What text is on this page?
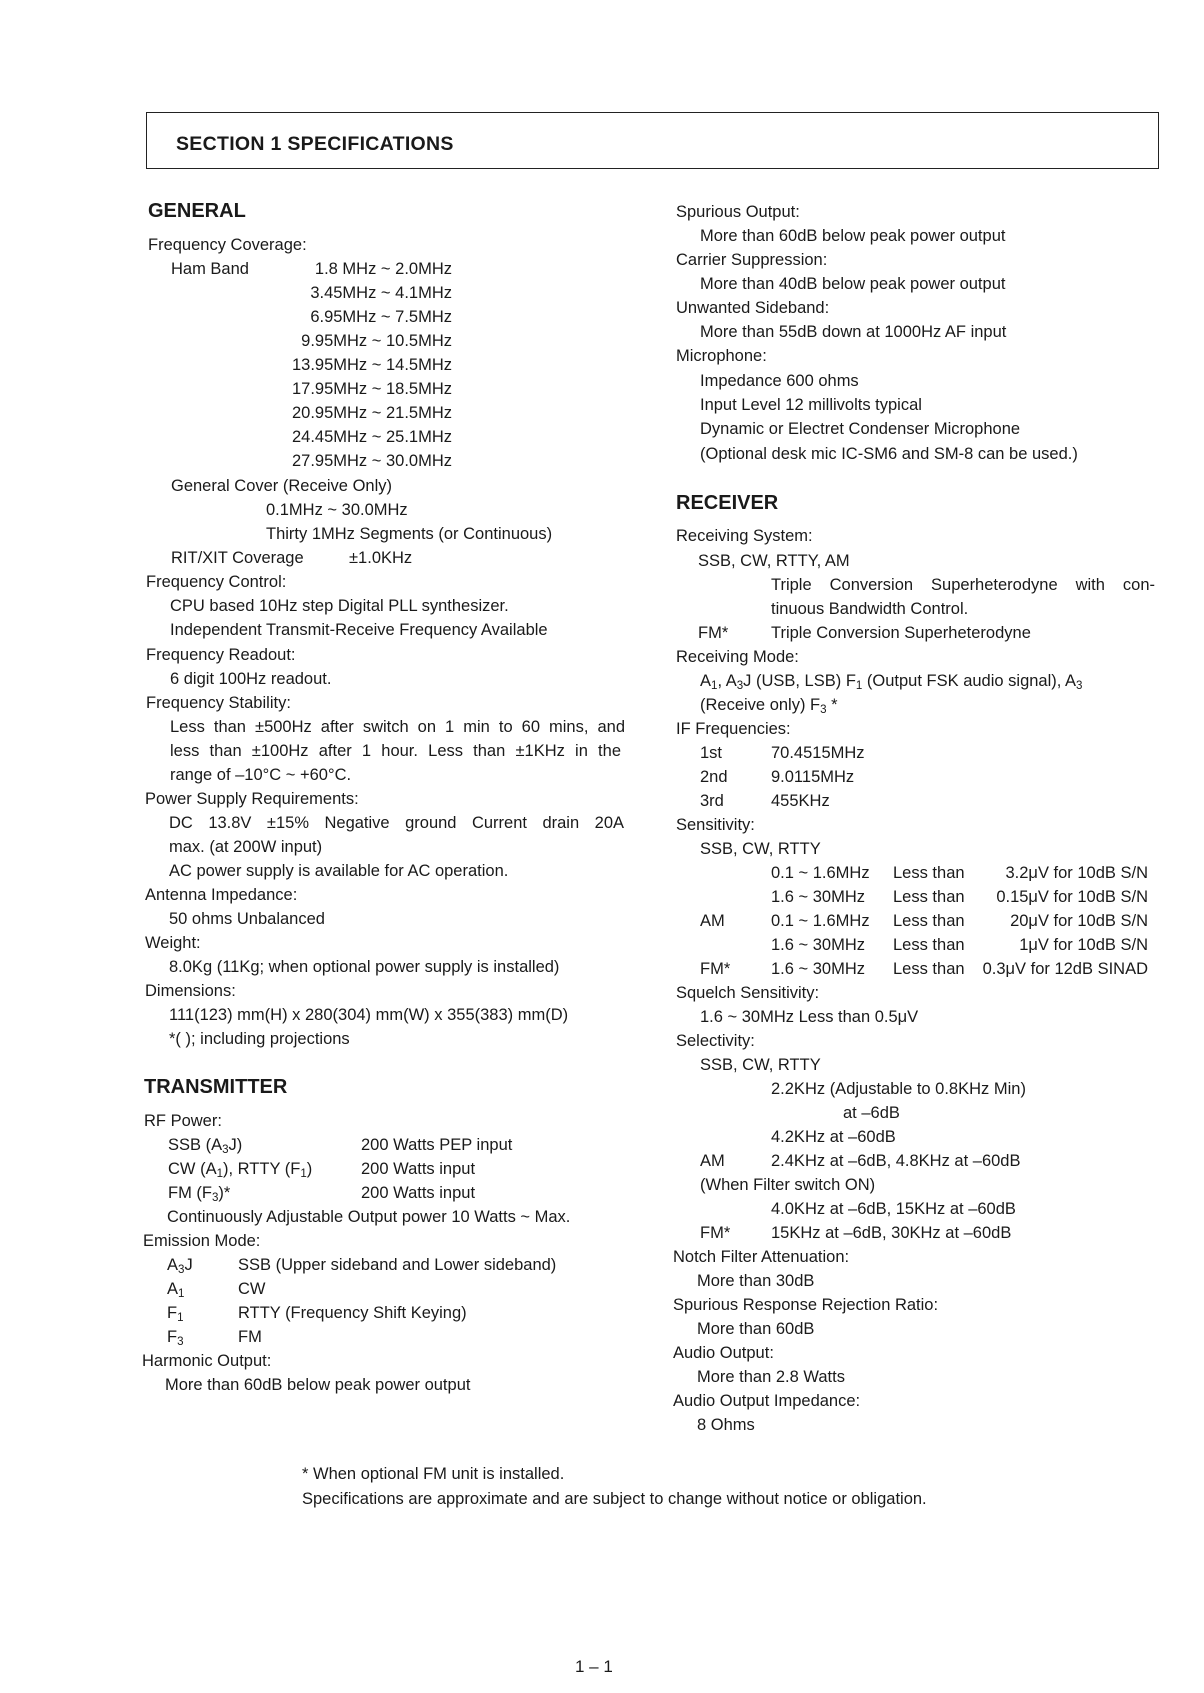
SECTION 1 SPECIFICATIONS
GENERAL
Frequency Coverage:
Ham Band	1.8 MHz ~ 2.0MHz
3.45MHz ~ 4.1MHz
6.95MHz ~ 7.5MHz
9.95MHz ~ 10.5MHz
13.95MHz ~ 14.5MHz
17.95MHz ~ 18.5MHz
20.95MHz ~ 21.5MHz
24.45MHz ~ 25.1MHz
27.95MHz ~ 30.0MHz
General Cover (Receive Only)
0.1MHz ~ 30.0MHz
Thirty 1MHz Segments (or Continuous)
RIT/XIT Coverage	±1.0KHz
Frequency Control:
CPU based 10Hz step Digital PLL synthesizer.
Independent Transmit-Receive Frequency Available
Frequency Readout:
6 digit 100Hz readout.
Frequency Stability:
Less than ±500Hz after switch on 1 min to 60 mins, and
less than ±100Hz after 1 hour. Less than ±1KHz in the
range of –10°C ~ +60°C.
Power Supply Requirements:
DC 13.8V ±15% Negative ground Current drain 20A
max. (at 200W input)
AC power supply is available for AC operation.
Antenna Impedance:
50 ohms Unbalanced
Weight:
8.0Kg (11Kg; when optional power supply is installed)
Dimensions:
111(123) mm(H) x 280(304) mm(W) x 355(383) mm(D)
*( ); including projections
TRANSMITTER
RF Power:
SSB $(A_3J)$	200 Watts PEP input
CW $(A_1)$, RTTY $(F_1)$	200 Watts input
FM $(F_3)*$	200 Watts input
Continuously Adjustable Output power 10 Watts ~ Max.
Emission Mode:
$A_3J$	SSB (Upper sideband and Lower sideband)
$A_1$	CW
$F_1$	RTTY (Frequency Shift Keying)
$F_3$	FM
Harmonic Output:
More than 60dB below peak power output
Spurious Output:
More than 60dB below peak power output
Carrier Suppression:
More than 40dB below peak power output
Unwanted Sideband:
More than 55dB down at 1000Hz AF input
Microphone:
Impedance 600 ohms
Input Level 12 millivolts typical
Dynamic or Electret Condenser Microphone
(Optional desk mic IC-SM6 and SM-8 can be used.)
RECEIVER
Receiving System:
SSB, CW, RTTY, AM
Triple Conversion Superheterodyne with con-
tinuous Bandwidth Control.
FM*	Triple Conversion Superheterodyne
Receiving Mode:
$A_1$, $A_3J$ (USB, LSB) $F_1$ (Output FSK audio signal), $A_3$
(Receive only) $F_3$ *
IF Frequencies:
1st	70.4515MHz
2nd	9.0115MHz
3rd	455KHz
Sensitivity:
SSB, CW, RTTY
0.1 ~ 1.6MHz Less than 3.2μV for 10dB S/N
1.6 ~ 30MHz Less than 0.15μV for 10dB S/N
AM	0.1 ~ 1.6MHz Less than	20μV for 10dB S/N
1.6 ~ 30MHz Less than	1μV for 10dB S/N
FM* 1.6 ~ 30MHz Less than 0.3μV for 12dB SINAD
Squelch Sensitivity:
1.6 ~ 30MHz Less than 0.5μV
Selectivity:
SSB, CW, RTTY
2.2KHz (Adjustable to 0.8KHz Min)
at –6dB
4.2KHz at –60dB
AM	2.4KHz at –6dB, 4.8KHz at –60dB
(When Filter switch ON)
4.0KHz at –6dB, 15KHz at –60dB
FM* 15KHz at –6dB, 30KHz at –60dB
Notch Filter Attenuation:
More than 30dB
Spurious Response Rejection Ratio:
More than 60dB
Audio Output:
More than 2.8 Watts
Audio Output Impedance:
8 Ohms
* When optional FM unit is installed.
Specifications are approximate and are subject to change without notice or obligation.
1 – 1
